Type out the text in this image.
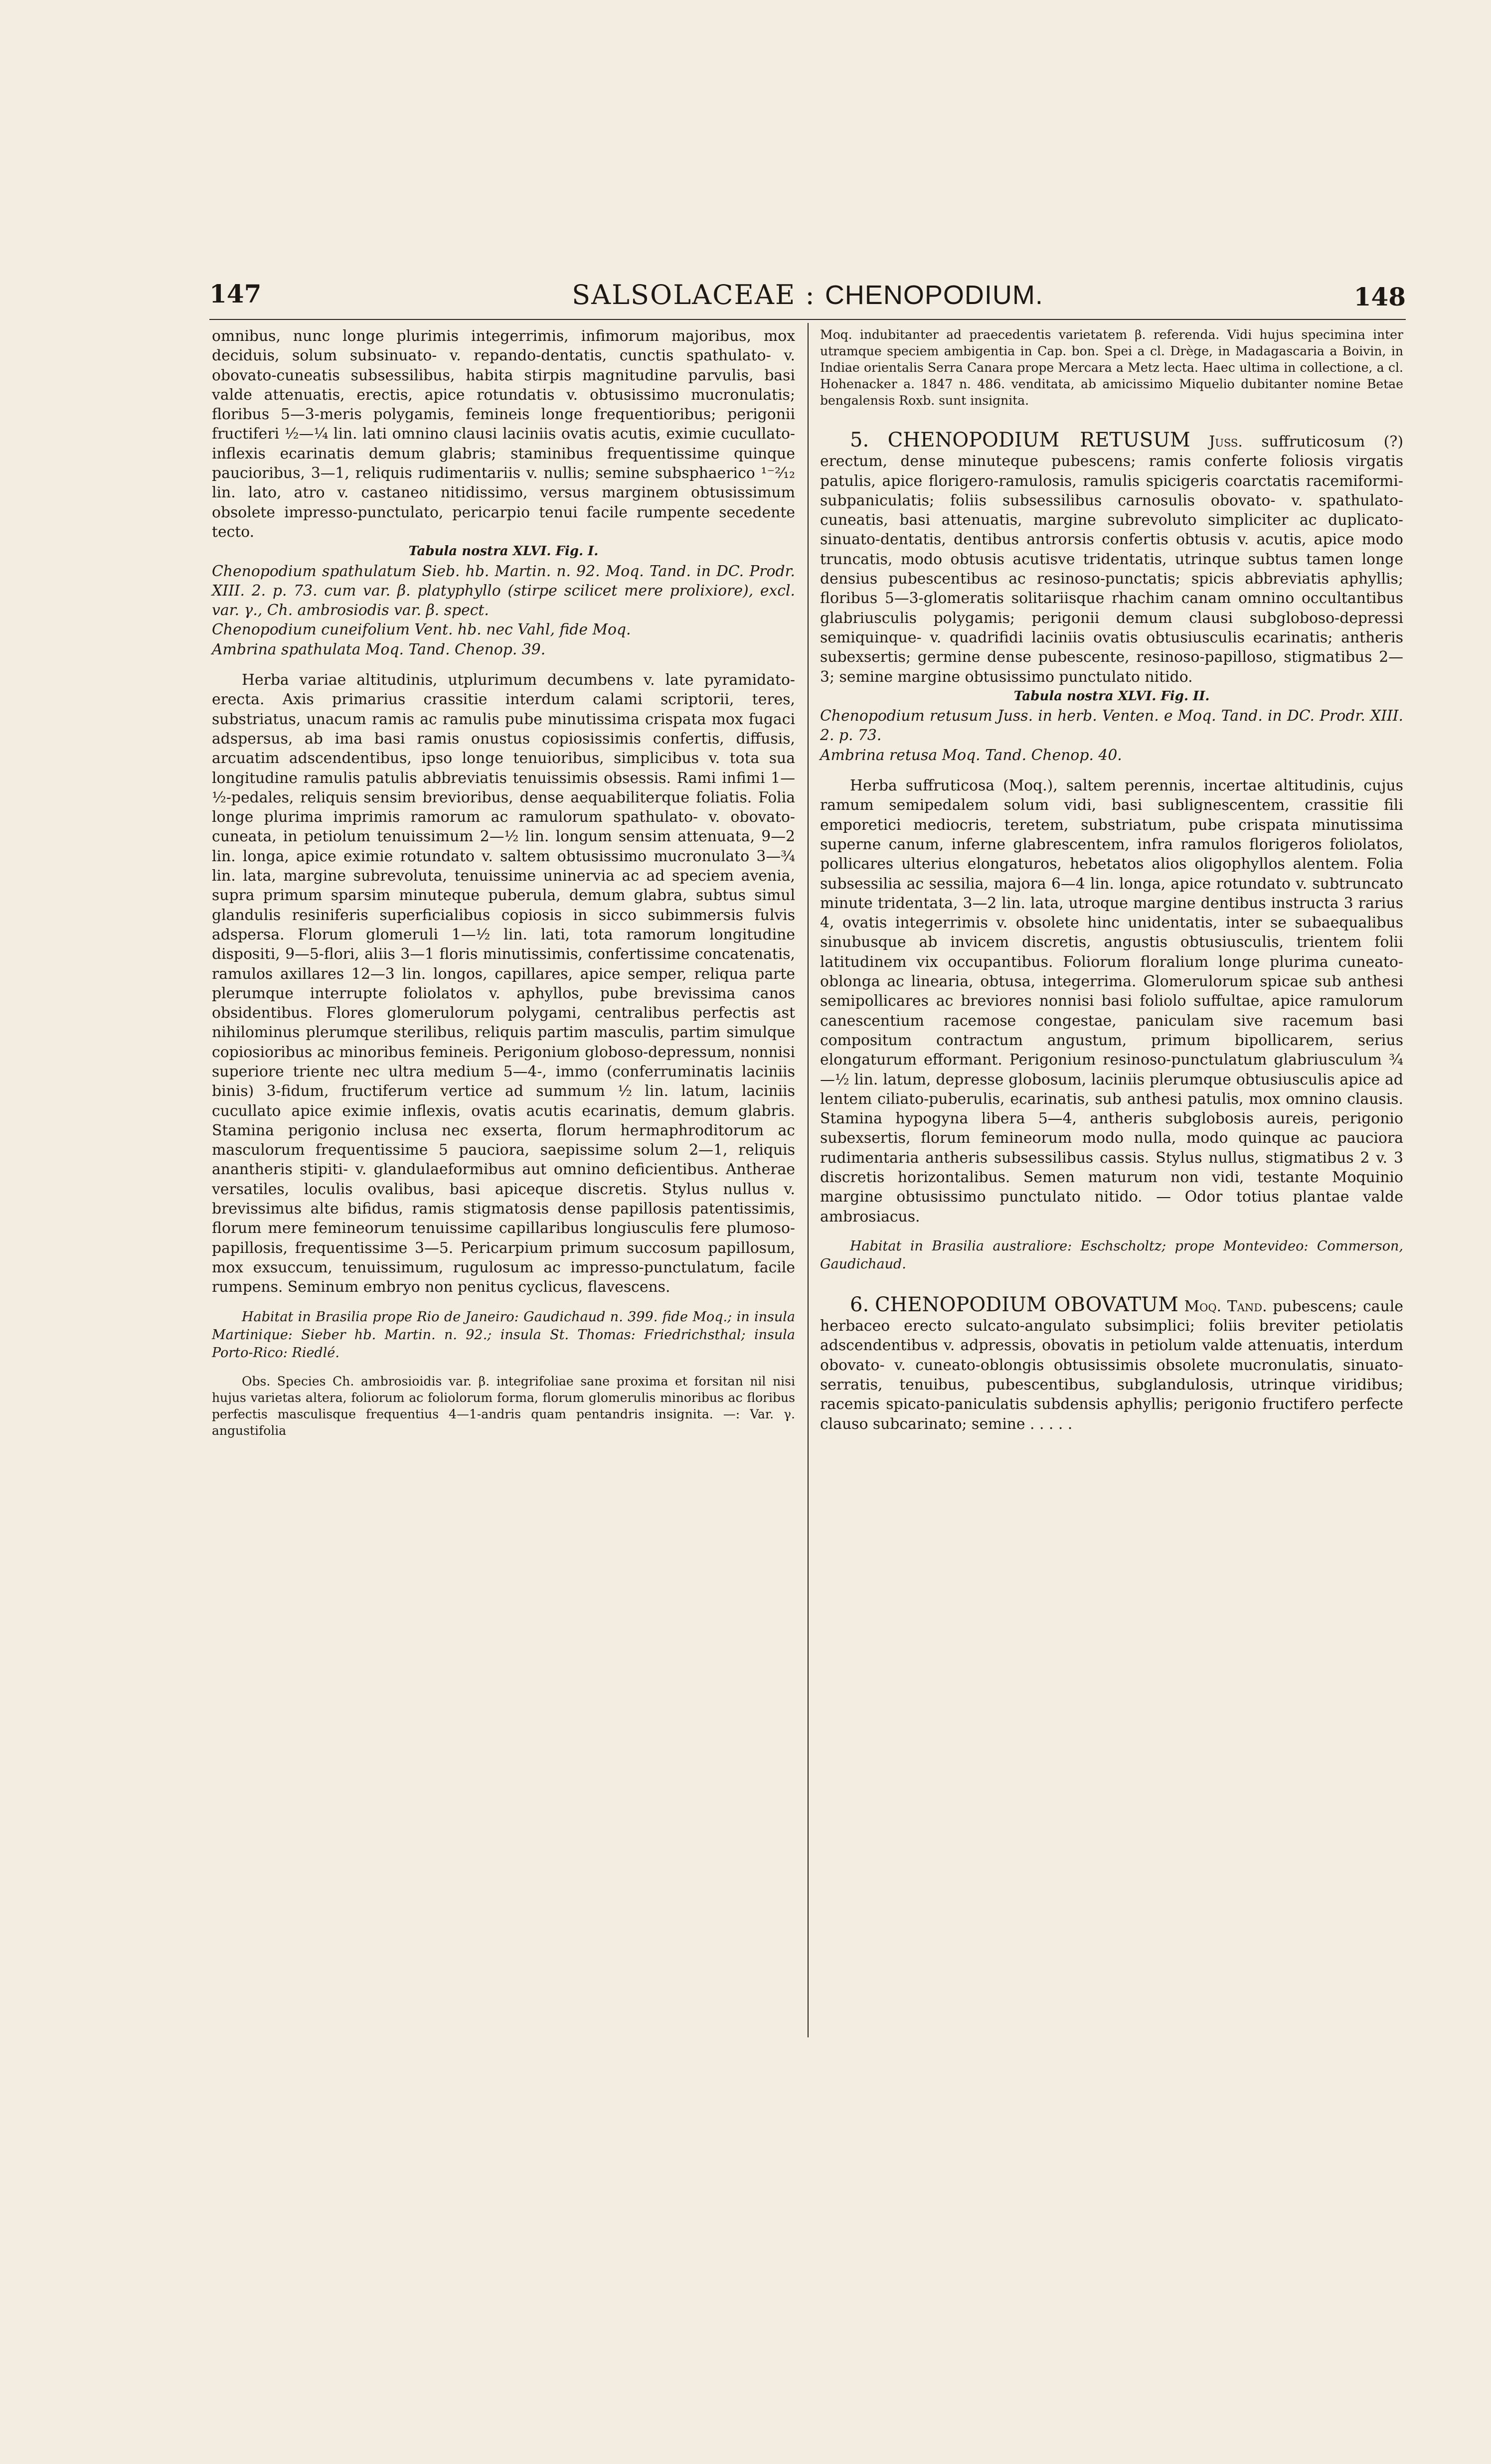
147	SALSOLACEAE : CHENOPODIUM.	148

omnibus, nunc longe plurimis integerrimis, infimorum majoribus, mox deciduis, solum subsinuato- v. repando-dentatis, cunctis spathulato- v. obovato-cuneatis subsessilibus, habita stirpis magnitudine parvulis, basi valde attenuatis, erectis, apice rotundatis v. obtusissimo mucronulatis; floribus 5—3-meris polygamis, femineis longe frequentioribus; perigonii fructiferi ¹⁄₂—¹⁄₄ lin. lati omnino clausi laciniis ovatis acutis, eximie cucullato-inflexis ecarinatis demum glabris; staminibus frequentissime quinque paucioribus, 3—1, reliquis rudimentariis v. nullis; semine subsphaerico ¹⁻²⁄₁₂ lin. lato, atro v. castaneo nitidissimo, versus marginem obtusissimum obsolete impresso-punctulato, pericarpio tenui facile rumpente secedente tecto.

Tabula nostra XLVI. Fig. I.

Chenopodium spathulatum Sieb. hb. Martin. n. 92. Moq. Tand. in DC. Prodr. XIII. 2. p. 73. cum var. β. platyphyllo (stirpe scilicet mere prolixiore), excl. var. γ., Ch. ambrosiodis var. β. spect.

Chenopodium cuneifolium Vent. hb. nec Vahl, fide Moq.

Ambrina spathulata Moq. Tand. Chenop. 39.

Herba variae altitudinis, utplurimum decumbens v. late pyramidato-erecta. Axis primarius crassitie interdum calami scriptorii, teres, substriatus, unacum ramis ac ramulis pube minutissima crispata mox fugaci adspersus, ab ima basi ramis onustus copiosissimis confertis, diffusis, arcuatim adscendentibus, ipso longe tenuioribus, simplicibus v. tota sua longitudine ramulis patulis abbreviatis tenuissimis obsessis. Rami infimi 1—¹⁄₂-pedales, reliquis sensim brevioribus, dense aequabiliterque foliatis. Folia longe plurima imprimis ramorum ac ramulorum spathulato- v. obovato-cuneata, in petiolum tenuissimum 2—¹⁄₂ lin. longum sensim attenuata, 9—2 lin. longa, apice eximie rotundato v. saltem obtusissimo mucronulato 3—³⁄₄ lin. lata, margine subrevoluta, tenuissime uninervia ac ad speciem avenia, supra primum sparsim minuteque puberula, demum glabra, subtus simul glandulis resiniferis superficialibus copiosis in sicco subimmersis fulvis adspersa. Florum glomeruli 1—¹⁄₂ lin. lati, tota ramorum longitudine dispositi, 9—5-flori, aliis 3—1 floris minutissimis, confertissime concatenatis, ramulos axillares 12—3 lin. longos, capillares, apice semper, reliqua parte plerumque interrupte foliolatos v. aphyllos, pube brevissima canos obsidentibus. Flores glomerulorum polygami, centralibus perfectis ast nihilominus plerumque sterilibus, reliquis partim masculis, partim simulque copiosioribus ac minoribus femineis. Perigonium globoso-depressum, nonnisi superiore triente nec ultra medium 5—4-, immo (conferruminatis laciniis binis) 3-fidum, fructiferum vertice ad summum ¹⁄₂ lin. latum, laciniis cucullato apice eximie inflexis, ovatis acutis ecarinatis, demum glabris. Stamina perigonio inclusa nec exserta, florum hermaphroditorum ac masculorum frequentissime 5 pauciora, saepissime solum 2—1, reliquis anantheris stipiti- v. glandulaeformibus aut omnino deficientibus. Antherae versatiles, loculis ovalibus, basi apiceque discretis. Stylus nullus v. brevissimus alte bifidus, ramis stigmatosis dense papillosis patentissimis, florum mere femineorum tenuissime capillaribus longiusculis fere plumoso-papillosis, frequentissime 3—5. Pericarpium primum succosum papillosum, mox exsuccum, tenuissimum, rugulosum ac impresso-punctulatum, facile rumpens. Seminum embryo non penitus cyclicus, flavescens.

Habitat in Brasilia prope Rio de Janeiro: Gaudichaud n. 399. fide Moq.; in insula Martinique: Sieber hb. Martin. n. 92.; insula St. Thomas: Friedrichsthal; insula Porto-Rico: Riedlé.

Obs. Species Ch. ambrosioidis var. β. integrifoliae sane proxima et forsitan nil nisi hujus varietas altera, foliorum ac foliolorum forma, florum glomerulis minoribus ac floribus perfectis masculisque frequentius 4—1-andris quam pentandris insignita. —: Var. γ. angustifolia

Moq. indubitanter ad praecedentis varietatem β. referenda. Vidi hujus specimina inter utramque speciem ambigentia in Cap. bon. Spei a cl. Drège, in Madagascaria a Boivin, in Indiae orientalis Serra Canara prope Mercara a Metz lecta. Haec ultima in collectione, a cl. Hohenacker a. 1847 n. 486. venditata, ab amicissimo Miquelio dubitanter nomine Betae bengalensis Roxb. sunt insignita.

5. CHENOPODIUM RETUSUM Juss. suffruticosum (?) erectum, dense minuteque pubescens; ramis conferte foliosis virgatis patulis, apice florigero-ramulosis, ramulis spicigeris coarctatis racemiformi-subpaniculatis; foliis subsessilibus carnosulis obovato- v. spathulato-cuneatis, basi attenuatis, margine subrevoluto simpliciter ac duplicato-sinuato-dentatis, dentibus antrorsis confertis obtusis v. acutis, apice modo truncatis, modo obtusis acutisve tridentatis, utrinque subtus tamen longe densius pubescentibus ac resinoso-punctatis; spicis abbreviatis aphyllis; floribus 5—3-glomeratis solitariisque rhachim canam omnino occultantibus glabriusculis polygamis; perigonii demum clausi subgloboso-depressi semiquinque- v. quadrifidi laciniis ovatis obtusiusculis ecarinatis; antheris subexsertis; germine dense pubescente, resinoso-papilloso, stigmatibus 2—3; semine margine obtusissimo punctulato nitido.

Tabula nostra XLVI. Fig. II.

Chenopodium retusum Juss. in herb. Venten. e Moq. Tand. in DC. Prodr. XIII. 2. p. 73.

Ambrina retusa Moq. Tand. Chenop. 40.

Herba suffruticosa (Moq.), saltem perennis, incertae altitudinis, cujus ramum semipedalem solum vidi, basi sublignescentem, crassitie fili emporetici mediocris, teretem, substriatum, pube crispata minutissima superne canum, inferne glabrescentem, infra ramulos florigeros foliolatos, pollicares ulterius elongaturos, hebetatos alios oligophyllos alentem. Folia subsessilia ac sessilia, majora 6—4 lin. longa, apice rotundato v. subtruncato minute tridentata, 3—2 lin. lata, utroque margine dentibus instructa 3 rarius 4, ovatis integerrimis v. obsolete hinc unidentatis, inter se subaequalibus sinubusque ab invicem discretis, angustis obtusiusculis, trientem folii latitudinem vix occupantibus. Foliorum floralium longe plurima cuneato-oblonga ac linearia, obtusa, integerrima. Glomerulorum spicae sub anthesi semipollicares ac breviores nonnisi basi foliolo suffultae, apice ramulorum canescentium racemose congestae, paniculam sive racemum basi compositum contractum angustum, primum bipollicarem, serius elongaturum efformant. Perigonium resinoso-punctulatum glabriusculum ³⁄₄—¹⁄₂ lin. latum, depresse globosum, laciniis plerumque obtusiusculis apice ad lentem ciliato-puberulis, ecarinatis, sub anthesi patulis, mox omnino clausis. Stamina hypogyna libera 5—4, antheris subglobosis aureis, perigonio subexsertis, florum femineorum modo nulla, modo quinque ac pauciora rudimentaria antheris subsessilibus cassis. Stylus nullus, stigmatibus 2 v. 3 discretis horizontalibus. Semen maturum non vidi, testante Moquinio margine obtusissimo punctulato nitido. — Odor totius plantae valde ambrosiacus.

Habitat in Brasilia australiore: Eschscholtz; prope Montevideo: Commerson, Gaudichaud.

6. CHENOPODIUM OBOVATUM Moq. Tand. pubescens; caule herbaceo erecto sulcato-angulato subsimplici; foliis breviter petiolatis adscendentibus v. adpressis, obovatis in petiolum valde attenuatis, interdum obovato- v. cuneato-oblongis obtusissimis obsolete mucronulatis, sinuato-serratis, tenuibus, pubescentibus, subglandulosis, utrinque viridibus; racemis spicato-paniculatis subdensis aphyllis; perigonio fructifero perfecte clauso subcarinato; semine . . . . .
